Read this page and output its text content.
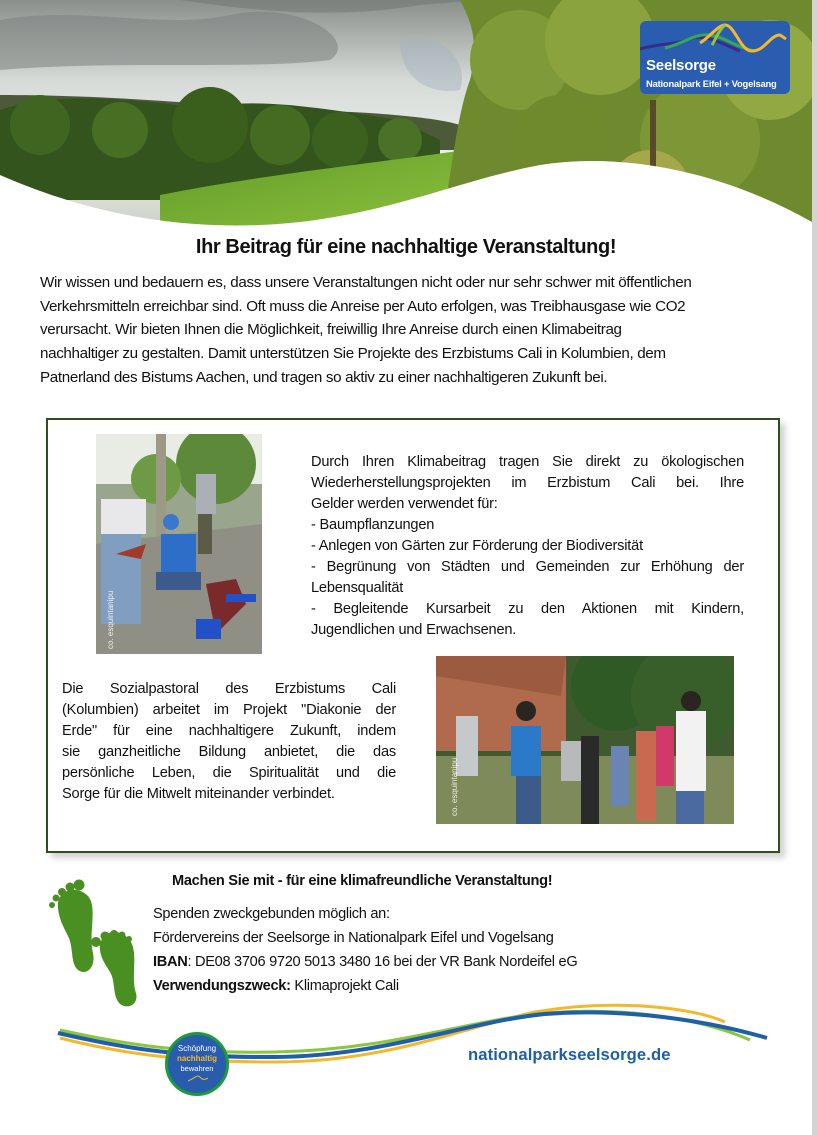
Seelsorge
Nationalpark Eifel + Vogelsang
Ihr Beitrag für eine nachhaltige Veranstaltung!
Wir wissen und bedauern es, dass unsere Veranstaltungen nicht oder nur sehr schwer mit öffentlichen
Verkehrsmitteln erreichbar sind. Oft muss die Anreise per Auto erfolgen, was Treibhausgase wie CO2
verursacht. Wir bieten Ihnen die Möglichkeit, freiwillig Ihre Anreise durch einen Klimabeitrag
nachhaltiger zu gestalten. Damit unterstützen Sie Projekte des Erzbistums Cali in Kolumbien, dem
Patnerland des Bistums Aachen, und tragen so aktiv zu einer nachhaltigeren Zukunft bei.
co. esquintanipu
Durch Ihren Klimabeitrag tragen Sie direkt zu ökologischen
Wiederherstellungsprojekten im Erzbistum Cali bei. Ihre
Gelder werden verwendet für:
- Baumpflanzungen
- Anlegen von Gärten zur Förderung der Biodiversität
- Begrünung von Städten und Gemeinden zur Erhöhung der
Lebensqualität
- Begleitende Kursarbeit zu den Aktionen mit Kindern,
Jugendlichen und Erwachsenen.
Die Sozialpastoral des Erzbistums Cali
(Kolumbien) arbeitet im Projekt "Diakonie der
Erde" für eine nachhaltigere Zukunft, indem
sie ganzheitliche Bildung anbietet, die das
persönliche Leben, die Spiritualität und die
Sorge für die Mitwelt miteinander verbindet.	co. esquintanipu
Machen Sie mit - für eine klimafreundliche Veranstaltung!
Spenden zweckgebunden möglich an:
Fördervereins der Seelsorge in Nationalpark Eifel und Vogelsang
IBAN: DE08 3706 9720 5013 3480 16 bei der VR Bank Nordeifel eG
Verwendungszweck: Klimaprojekt Cali
Schöpfung
nachhaltig
bewahren
nationalparkseelsorge.de
